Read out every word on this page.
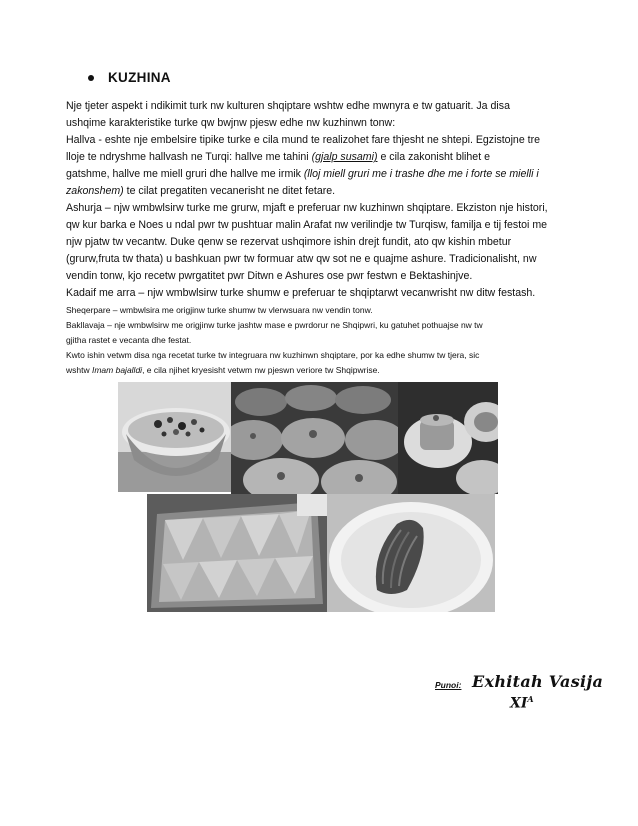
KUZHINA
Nje tjeter aspekt i ndikimit turk nw kulturen shqiptare wshtw edhe mwnyra e tw gatuarit. Ja disa
ushqime karakteristike turke qw bwjnw pjesw edhe nw kuzhinwn tonw:
Hallva - eshte nje embelsire tipike turke e cila mund te realizohet fare thjesht ne shtepi. Egzistojne tre
lloje te ndryshme hallvash ne Turqi: hallve me tahini (gjalp susami) e cila zakonisht blihet e
gatshme, hallve me miell gruri dhe hallve me irmik (lloj miell gruri me i trashe dhe me i forte se mielli i
zakonshem) te cilat pregatiten vecanerisht ne ditet fetare.
Ashurja – njw wmbwlsirw turke me grurw, mjaft e preferuar nw kuzhinwn shqiptare. Ekziston nje histori,
qw kur barka e Noes u ndal pwr tw pushtuar malin Arafat nw verilindje tw Turqisw, familja e tij festoi me
njw pjatw tw vecantw. Duke qenw se rezervat ushqimore ishin drejt fundit, ato qw kishin mbetur
(grurw,fruta tw thata) u bashkuan pwr tw formuar atw qw sot ne e quajme ashure. Tradicionalisht, nw
vendin tonw, kjo recetw pwrgatitet pwr Ditwn e Ashures ose pwr festwn e Bektashinjve.
Kadaif me arra – njw wmbwlsirw turke shumw e preferuar te shqiptarwt vecanwrisht nw ditw festash.
Sheqerpare – wmbwlsira me origjinw turke shumw tw vlerwsuara nw vendin tonw.
Bakllavaja – nje wmbwlsirw me origjinw turke jashtw mase e pwrdorur ne Shqipwri, ku gatuhet pothuajse nw tw
gjitha rastet e vecanta dhe festat.
Kwto ishin vetwm disa nga recetat turke tw integruara nw kuzhinwn shqiptare, por ka edhe shumw tw tjera, sic
wshtw Imam bajalldi, e cila njihet kryesisht vetwm nw pjeswn veriore tw Shqipwrise.
Punoi: Exhitah Vasija
$XI^A$
